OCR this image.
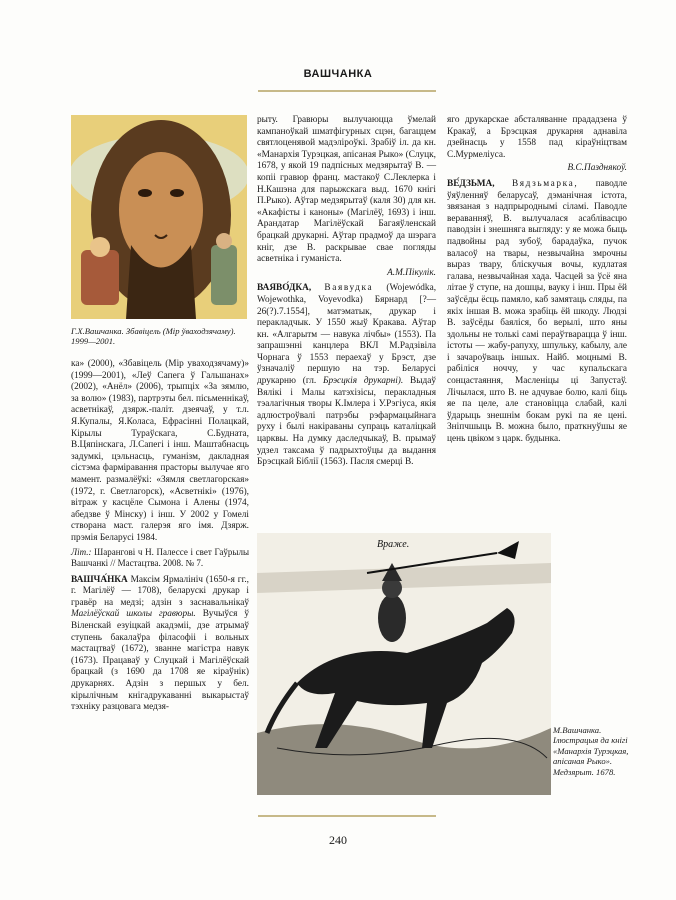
ВАШЧАНКА
Г.Х.Вашчанка. Збавіцель (Мір ўваходзячаму). 1999—2001.

ка» (2000), «Збавіцель (Мір уваходзячаму)» (1999—2001), «Леў Сапега ў Гальшанах» (2002), «Анёл» (2006), трыпціх «За зямлю, за волю» (1983), партрэты бел. пісьменнікаў, асветнікаў, дзярж.-паліт. дзеячаў, у т.л. Я.Купалы, Я.Коласа, Ефрасінні Полацкай, Кірылы Тураўскага, С.Будната, В.Цяпінскага, Л.Сапегі і інш. Маштабнасць задумкі, цэльнасць, гуманізм, дакладная сістэма фарміравання прасторы вылучае яго мамент. размалёўкі: «Зямля светлагорская» (1972, г. Светлагорск), «Асветнікі» (1976), вітраж у касцёле Сымона і Алены (1974, абедзве ў Мінску) і інш. У 2002 у Гомелі створана маст. галерэя яго імя. Дзярж. прэмія Беларусі 1984.

Літ.: Шарангові ч Н. Палессе і свет Гаўрылы Вашчанкі // Мастацтва. 2008. № 7.

ВАШЧА́НКА Максім Ярмалініч (1650-я гг., г. Магілёў — 1708), беларускі друкар і гравёр на медзі; адзін з заснавальнікаў Магілёўскай школы гравюры. Вучыўся ў Віленскай езуіцкай акадэміі, дзе атрымаў ступень бакалаўра філасофіі і вольных мастацтваў (1672), званне магістра навук (1673). Працаваў у Слуцкай і Магілёўскай брацкай (з 1690 да 1708 яе кіраўнік) друкарнях. Адзін з першых у бел. кірылічным кнігадрукаванні выкарыстаў тэхніку разцовага медзя-

рыту. Гравюры вылучаюцца ўмелай кампаноўкай шматфігурных сцэн, багаццем святлоценявой мадэліроўкі. Зрабіў іл. да кн. «Манархія Турэцкая, апісаная Рыко» (Слуцк, 1678, у якой 19 падпісных медзярытаў В. — копіі гравюр франц. мастакоў С.Леклерка і Н.Кашэна для парыжскага выд. 1670 кнігі П.Рыко). Аўтар медзярытаў (каля 30) для кн. «Акафісты і каноны» (Магілёў, 1693) і інш. Арандатар Магілёўскай Багаяўленскай брацкай друкарні. Аўтар прадмоў да шэрага кніг, дзе В. раскрывае свае погляды асветніка і гуманіста.

А.М.Пікулік.

ВАЯВО́ДКА, Ваявудка (Wojewódka, Wojewothka, Voyevodka) Бярнард [?—26(?).7.1554], матэматык, друкар і перакладчык. У 1550 жыў Кракава. Аўтар кн. «Алгарытм — навука лічбы» (1553). Па запрашэнні канцлера ВКЛ М.Радзівіла Чорнага ў 1553 пераехаў у Брэст, дзе ўзначаліў першую на тэр. Беларусі друкарню (гл. Брэсцкія друкарні). Выдаў Вялікі і Малы катэхізісы, перакладныя тэалагічныя творы К.Імлера і У.Рэгіуса, якія адлюстроўвалі патрэбы рэфармацыйнага руху і былі накіраваны супраць каталіцкай царквы. На думку даследчыкаў, В. прымаў удзел таксама ў падрыхтоўцы да выдання Брэсцкай Біблії (1563). Пасля смерці В.

яго друкарскае абсталяванне прададзена ў Кракаў, а Брэсцкая друкарня аднавіла дзейнасць у 1558 пад кіраўніцтвам С.Мурмеліуса.

В.С.Пазднякоў.

ВЕ́ДЗЬМА, Вядзьмарка, паводле ўяўленняў беларусаў, дэманічная істота, звязаная з надпрыроднымі сіламі. Паводле вераванняў, В. вылучалася асаблівасцю паводзін і знешняга выгляду: у яе можа быць падвойны рад зубоў, барадаўка, пучок валасоў на твары, незвычайна змрочны выраз твару, бліскучыя вочы, кудлатая галава, незвычайная хада. Часцей за ўсё яна літае ў ступе, на дошцы, вауку і інш. Пры ёй заўсёды ёсць памяло, каб замятаць сляды, па якіх іншая В. можа зрабіць ёй шкоду. Людзі В. заўсёды баяліся, бо верылі, што яны здольны не толькі самі пераўтварацца ў інш. істоты — жабу-рапуху, шпульку, кабылу, але і зачароўваць іншых. Найб. моцнымі В. рабіліся ноччу, у час купальскага сонцастаяння, Масленіцы ці Запустаў. Лічылася, што В. не адчувае болю, калі біць яе па целе, але становіцца слабай, калі ўдарыць знешнім бокам рукі па яе цені. Зніпчшыць В. можна было, праткнуўшы яе цень цвіком з царк. будынка.

Враже.
М.Вашчанка. Ілюстрацыя да кнігі «Манархія Турэцкая, апісаная Рыко». Медзярыт. 1678.
240
